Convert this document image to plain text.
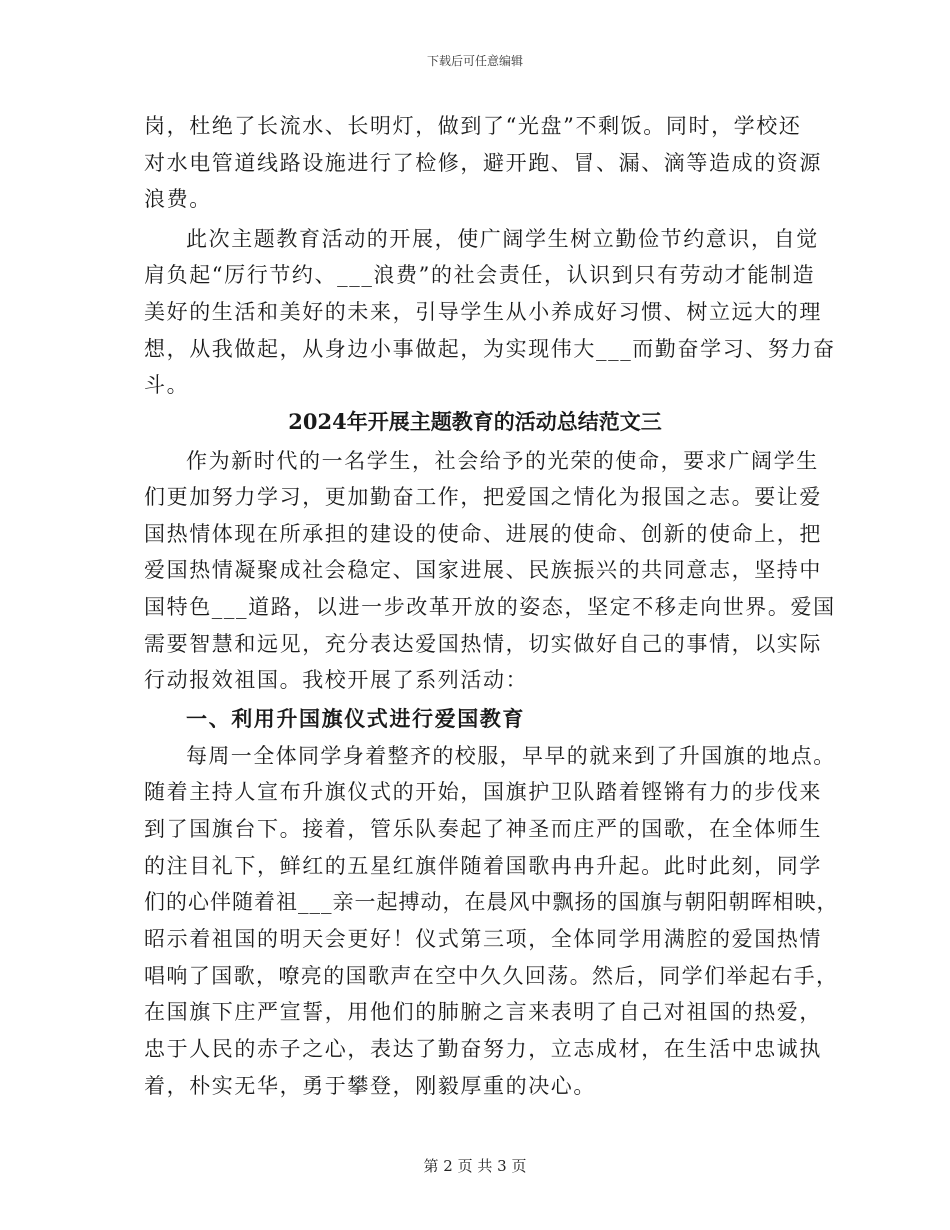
下载后可任意编辑
岗，杜绝了长流水、长明灯，做到了“光盘”不剩饭。同时，学校还
对水电管道线路设施进行了检修，避开跑、冒、漏、滴等造成的资源
浪费。
此次主题教育活动的开展，使广阔学生树立勤俭节约意识，自觉
肩负起“厉行节约、___浪费”的社会责任，认识到只有劳动才能制造
美好的生活和美好的未来，引导学生从小养成好习惯、树立远大的理
想，从我做起，从身边小事做起，为实现伟大___而勤奋学习、努力奋
斗。
2024年开展主题教育的活动总结范文三
作为新时代的一名学生，社会给予的光荣的使命，要求广阔学生
们更加努力学习，更加勤奋工作，把爱国之情化为报国之志。要让爱
国热情体现在所承担的建设的使命、进展的使命、创新的使命上，把
爱国热情凝聚成社会稳定、国家进展、民族振兴的共同意志，坚持中
国特色___道路，以进一步改革开放的姿态，坚定不移走向世界。爱国
需要智慧和远见，充分表达爱国热情，切实做好自己的事情，以实际
行动报效祖国。我校开展了系列活动：
一、利用升国旗仪式进行爱国教育
每周一全体同学身着整齐的校服，早早的就来到了升国旗的地点。
随着主持人宣布升旗仪式的开始，国旗护卫队踏着铿锵有力的步伐来
到了国旗台下。接着，管乐队奏起了神圣而庄严的国歌，在全体师生
的注目礼下，鲜红的五星红旗伴随着国歌冉冉升起。此时此刻，同学
们的心伴随着祖___亲一起搏动，在晨风中飘扬的国旗与朝阳朝晖相映，
昭示着祖国的明天会更好！仪式第三项，全体同学用满腔的爱国热情
唱响了国歌，嘹亮的国歌声在空中久久回荡。然后，同学们举起右手，
在国旗下庄严宣誓，用他们的肺腑之言来表明了自己对祖国的热爱，
忠于人民的赤子之心，表达了勤奋努力，立志成材，在生活中忠诚执
着，朴实无华，勇于攀登，刚毅厚重的决心。
第 2 页 共 3 页
